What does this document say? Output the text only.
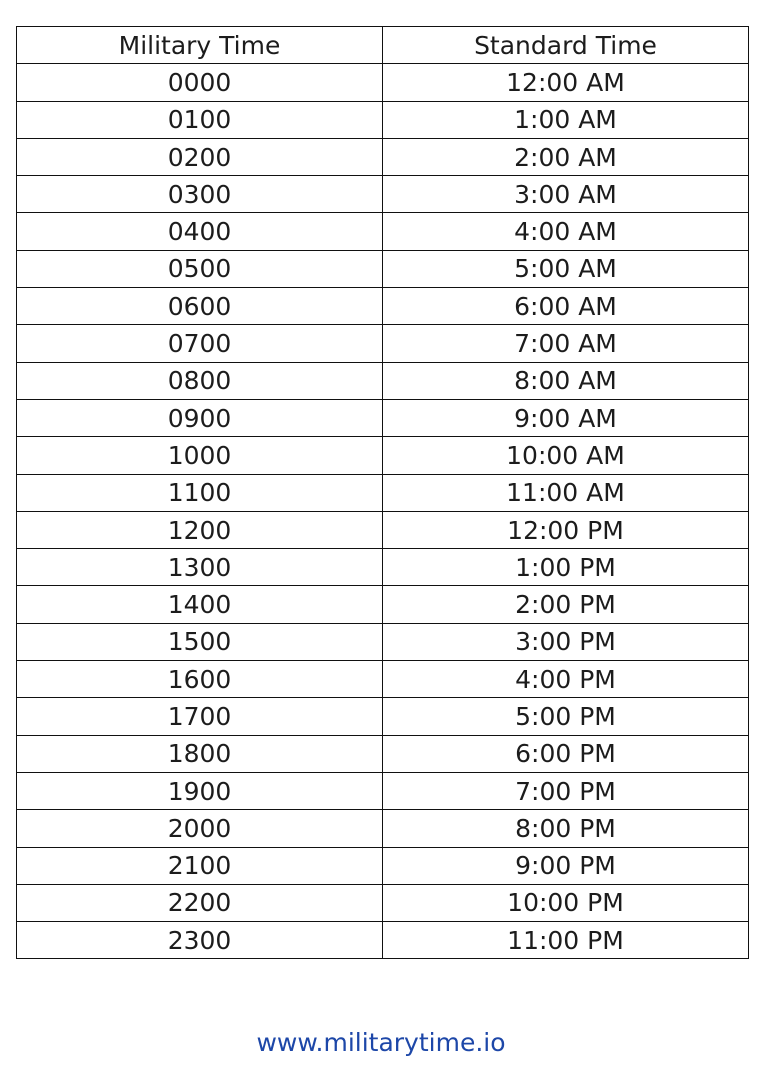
Military Time	Standard Time
0000	12:00 AM
0100	1:00 AM
0200	2:00 AM
0300	3:00 AM
0400	4:00 AM
0500	5:00 AM
0600	6:00 AM
0700	7:00 AM
0800	8:00 AM
0900	9:00 AM
1000	10:00 AM
1100	11:00 AM
1200	12:00 PM
1300	1:00 PM
1400	2:00 PM
1500	3:00 PM
1600	4:00 PM
1700	5:00 PM
1800	6:00 PM
1900	7:00 PM
2000	8:00 PM
2100	9:00 PM
2200	10:00 PM
2300	11:00 PM
www.militarytime.io
